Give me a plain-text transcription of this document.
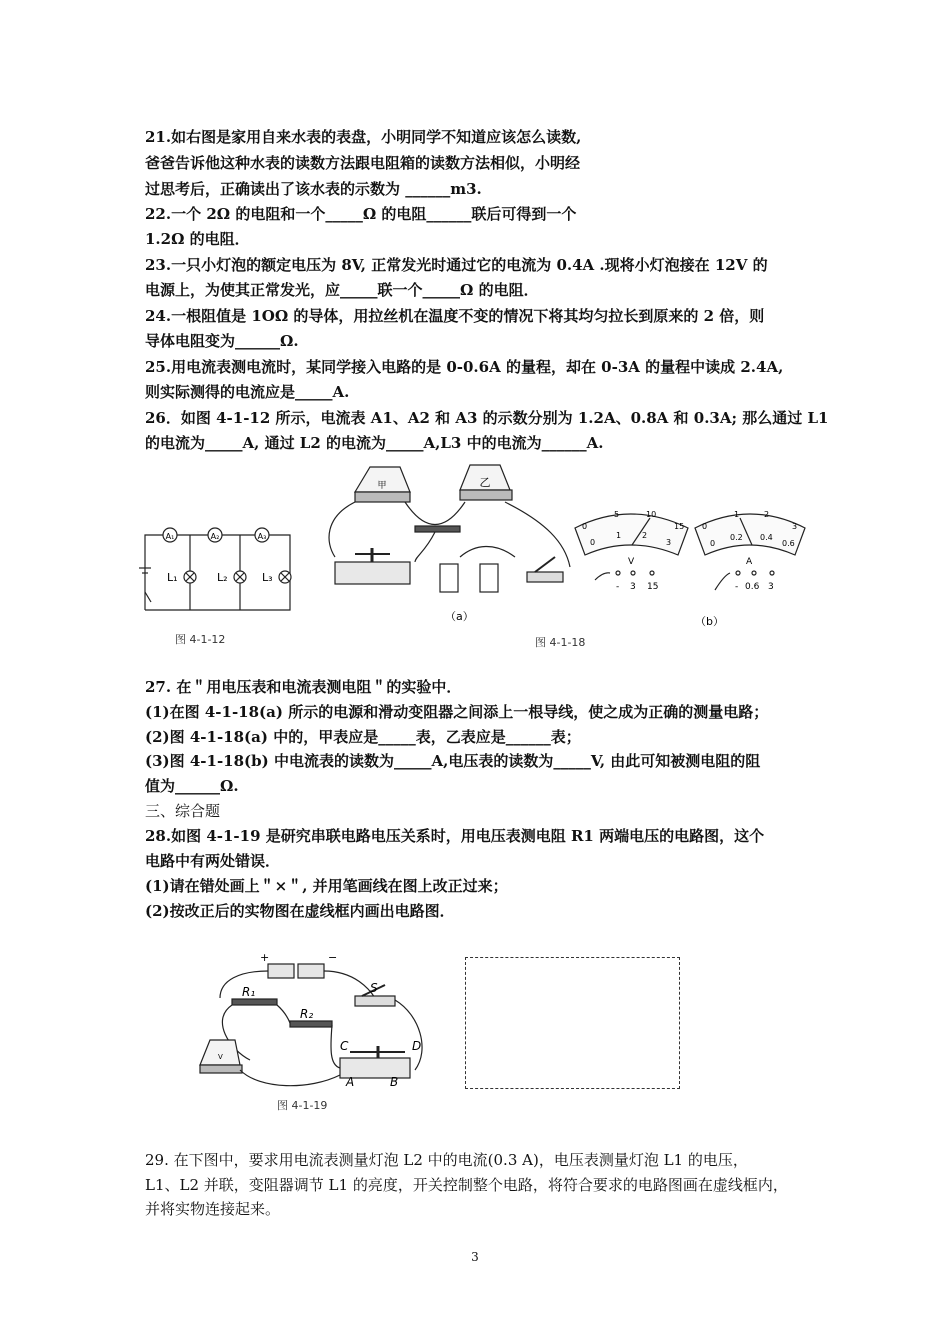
21.如右图是家用自来水表的表盘，小明同学不知道应该怎么读数,
爸爸告诉他这种水表的读数方法跟电阻箱的读数方法相似，小明经
过思考后，正确读出了该水表的示数为 ______m3.
22.一个 2Ω 的电阻和一个_____Ω 的电阻______联后可得到一个
1.2Ω 的电阻．
23.一只小灯泡的额定电压为 8V, 正常发光时通过它的电流为 0.4A .现将小灯泡接在 12V 的
电源上，为使其正常发光，应_____联一个_____Ω 的电阻．
24.一根阻值是 1OΩ 的导体，用拉丝机在温度不变的情况下将其均匀拉长到原来的 2 倍，则
导体电阻变为______Ω.
25.用电流表测电流时，某同学接入电路的是 0-0.6A 的量程，却在 0-3A 的量程中读成 2.4A,
则实际测得的电流应是_____A.
26．如图 4-1-12 所示，电流表 A1、A2 和 A3 的示数分别为 1.2A、0.8A 和 0.3A; 那么通过 L1
的电流为_____A, 通过 L2 的电流为_____A,L3 中的电流为______A.
A₁	A₂	A₃
L₁	L₂	L₃
图 4-1-12
甲	乙
（a）
0
5	10
15
0
1	2
3
V
- 3 15
0
1	2
3
0
0.2 0.4
0.6
A
- 0.6 3
（b）
图 4-1-18
27. 在＂用电压表和电流表测电阻＂的实验中．
(1)在图 4-1-18(a) 所示的电源和滑动变阻器之间添上一根导线，使之成为正确的测量电路；
(2)图 4-1-18(a) 中的，甲表应是_____表，乙表应是______表；
(3)图 4-1-18(b) 中电流表的读数为_____A,电压表的读数为_____V, 由此可知被测电阻的阻
值为______Ω.
三、综合题
28.如图 4-1-19 是研究串联电路电压关系时，用电压表测电阻 R1 两端电压的电路图，这个
电路中有两处错误．
(1)请在错处画上＂×＂, 并用笔画线在图上改正过来；
(2)按改正后的实物图在虚线框内画出电路图．
+	−
S
R₁
R₂
V
C	D
A	B
图 4-1-19
29. 在下图中，要求用电流表测量灯泡 L2 中的电流(0.3 A)，电压表测量灯泡 L1 的电压，
L1、L2 并联，变阻器调节 L1 的亮度，开关控制整个电路，将符合要求的电路图画在虚线框内，
并将实物连接起来。
3
